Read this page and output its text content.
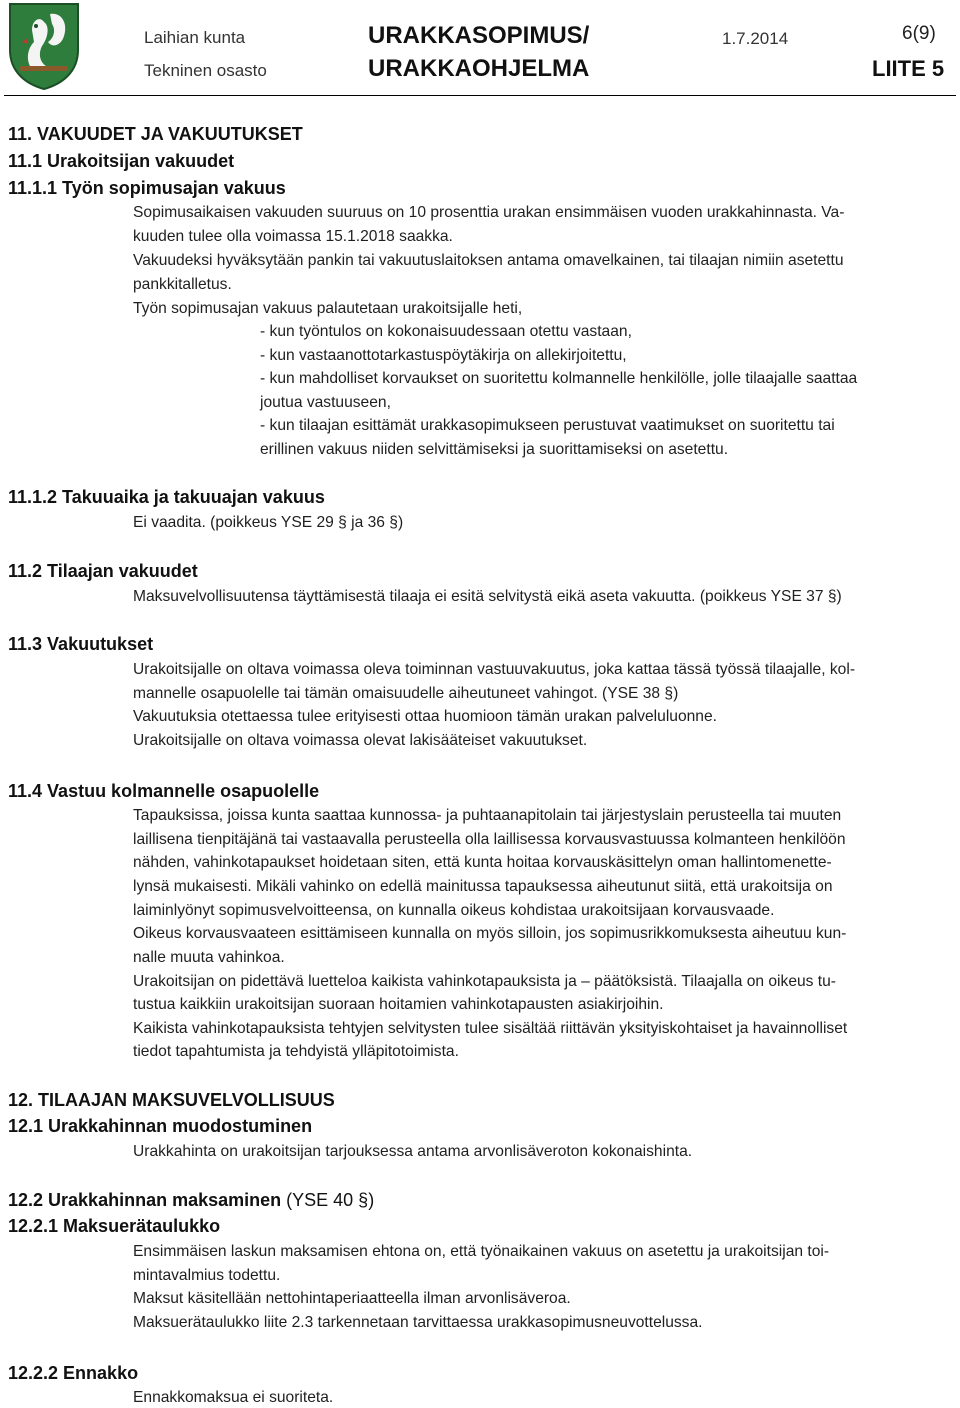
Laihian kunta
Tekninen osasto
URAKKASOPIMUS/
URAKKAOHJELMA
1.7.2014	6(9)
LIITE 5
11. VAKUUDET JA VAKUUTUKSET
11.1 Urakoitsijan vakuudet
11.1.1 Työn sopimusajan vakuus
Sopimusaikaisen vakuuden suuruus on 10 prosenttia urakan ensimmäisen vuoden urakkahinnasta. Va-
kuuden tulee olla voimassa 15.1.2018 saakka.
Vakuudeksi hyväksytään pankin tai vakuutuslaitoksen antama omavelkainen, tai tilaajan nimiin asetettu
pankkitalletus.
Työn sopimusajan vakuus palautetaan urakoitsijalle heti,
- kun työntulos on kokonaisuudessaan otettu vastaan,
- kun vastaanottotarkastuspöytäkirja on allekirjoitettu,
- kun mahdolliset korvaukset on suoritettu kolmannelle henkilölle, jolle tilaajalle saattaa
joutua vastuuseen,
- kun tilaajan esittämät urakkasopimukseen perustuvat vaatimukset on suoritettu tai
erillinen vakuus niiden selvittämiseksi ja suorittamiseksi on asetettu.
11.1.2 Takuuaika ja takuuajan vakuus
Ei vaadita. (poikkeus YSE 29 § ja 36 §)
11.2 Tilaajan vakuudet
Maksuvelvollisuutensa täyttämisestä tilaaja ei esitä selvitystä eikä aseta vakuutta. (poikkeus YSE 37 §)
11.3 Vakuutukset
Urakoitsijalle on oltava voimassa oleva toiminnan vastuuvakuutus, joka kattaa tässä työssä tilaajalle, kol-
mannelle osapuolelle tai tämän omaisuudelle aiheutuneet vahingot. (YSE 38 §)
Vakuutuksia otettaessa tulee erityisesti ottaa huomioon tämän urakan palveluluonne.
Urakoitsijalle on oltava voimassa olevat lakisääteiset vakuutukset.
11.4 Vastuu kolmannelle osapuolelle
Tapauksissa, joissa kunta saattaa kunnossa- ja puhtaanapitolain tai järjestyslain perusteella tai muuten
laillisena tienpitäjänä tai vastaavalla perusteella olla laillisessa korvausvastuussa kolmanteen henkilöön
nähden, vahinkotapaukset hoidetaan siten, että kunta hoitaa korvauskäsittelyn oman hallintomenette-
lynsä mukaisesti. Mikäli vahinko on edellä mainitussa tapauksessa aiheutunut siitä, että urakoitsija on
laiminlyönyt sopimusvelvoitteensa, on kunnalla oikeus kohdistaa urakoitsijaan korvausvaade.
Oikeus korvausvaateen esittämiseen kunnalla on myös silloin, jos sopimusrikkomuksesta aiheutuu kun-
nalle muuta vahinkoa.
Urakoitsijan on pidettävä luetteloa kaikista vahinkotapauksista ja – päätöksistä. Tilaajalla on oikeus tu-
tustua kaikkiin urakoitsijan suoraan hoitamien vahinkotapausten asiakirjoihin.
Kaikista vahinkotapauksista tehtyjen selvitysten tulee sisältää riittävän yksityiskohtaiset ja havainnolliset
tiedot tapahtumista ja tehdyistä ylläpitotoimista.
12. TILAAJAN MAKSUVELVOLLISUUS
12.1 Urakkahinnan muodostuminen
Urakkahinta on urakoitsijan tarjouksessa antama arvonlisäveroton kokonaishinta.
12.2 Urakkahinnan maksaminen (YSE 40 §)
12.2.1 Maksuerätaulukko
Ensimmäisen laskun maksamisen ehtona on, että työnaikainen vakuus on asetettu ja urakoitsijan toi-
mintavalmius todettu.
Maksut käsitellään nettohintaperiaatteella ilman arvonlisäveroa.
Maksuerätaulukko liite 2.3 tarkennetaan tarvittaessa urakkasopimusneuvottelussa.
12.2.2 Ennakko
Ennakkomaksua ei suoriteta.
